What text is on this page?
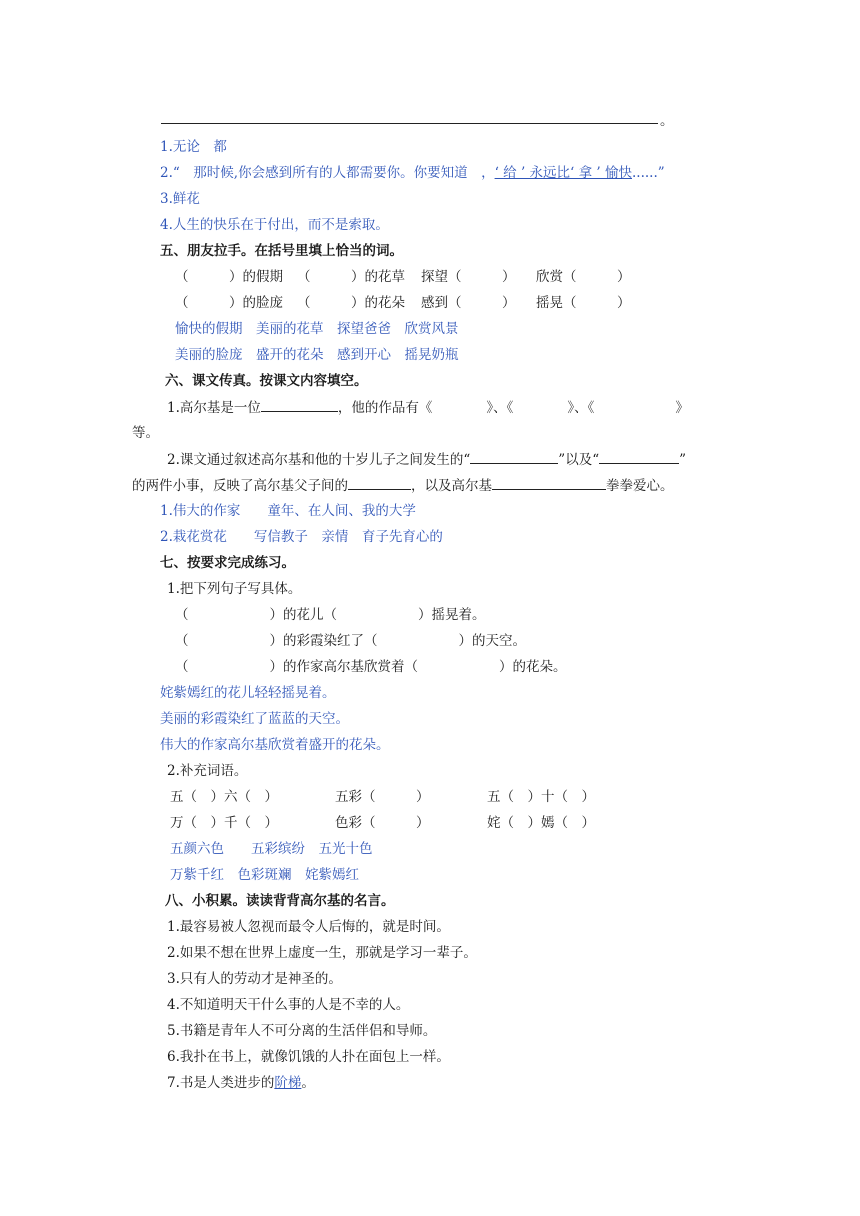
。
1.无论　都
2.“　那时候,你会感到所有的人都需要你。你要知道　，‘ 给 ’ 永远比‘ 拿 ’ 愉快......”
3.鲜花
4.人生的快乐在于付出，而不是索取。
五、朋友拉手。在括号里填上恰当的词。
（　　　）的假期 （　　　）的花草 探望（　　　） 欣赏（　　　）
（　　　）的脸庞 （　　　）的花朵 感到（　　　） 摇晃（　　　）
愉快的假期　美丽的花草　探望爸爸　欣赏风景
美丽的脸庞　盛开的花朵　感到开心　摇晃奶瓶
六、课文传真。按课文内容填空。
1.高尔基是一位	，他的作品有《　　　　》、《　　　　》、《　　　　　　》
等。
2.课文通过叙述高尔基和他的十岁儿子之间发生的“	”以及“	”
的两件小事，反映了高尔基父子间的	，以及高尔基	拳拳爱心。
1.伟大的作家　　童年、在人间、我的大学
2.栽花赏花　　写信教子　亲情　育子先育心的
七、按要求完成练习。
1.把下列句子写具体。
（　　　　　　）的花儿（　　　　　　）摇晃着。
（　　　　　　）的彩霞染红了（　　　　　　）的天空。
（　　　　　　）的作家高尔基欣赏着（　　　　　　）的花朵。
姹紫嫣红的花儿轻轻摇晃着。
美丽的彩霞染红了蓝蓝的天空。
伟大的作家高尔基欣赏着盛开的花朵。
2.补充词语。
五（　）六（　）	五彩（　　　）	五（　）十（　）
万（　）千（　）	色彩（　　　）	姹（　）嫣（　）
五颜六色　　五彩缤纷　五光十色
万紫千红　色彩斑斓　姹紫嫣红
八、小积累。读读背背高尔基的名言。
1.最容易被人忽视而最令人后悔的，就是时间。
2.如果不想在世界上虚度一生，那就是学习一辈子。
3.只有人的劳动才是神圣的。
4.不知道明天干什么事的人是不幸的人。
5.书籍是青年人不可分离的生活伴侣和导师。
6.我扑在书上，就像饥饿的人扑在面包上一样。
7.书是人类进步的阶梯。
